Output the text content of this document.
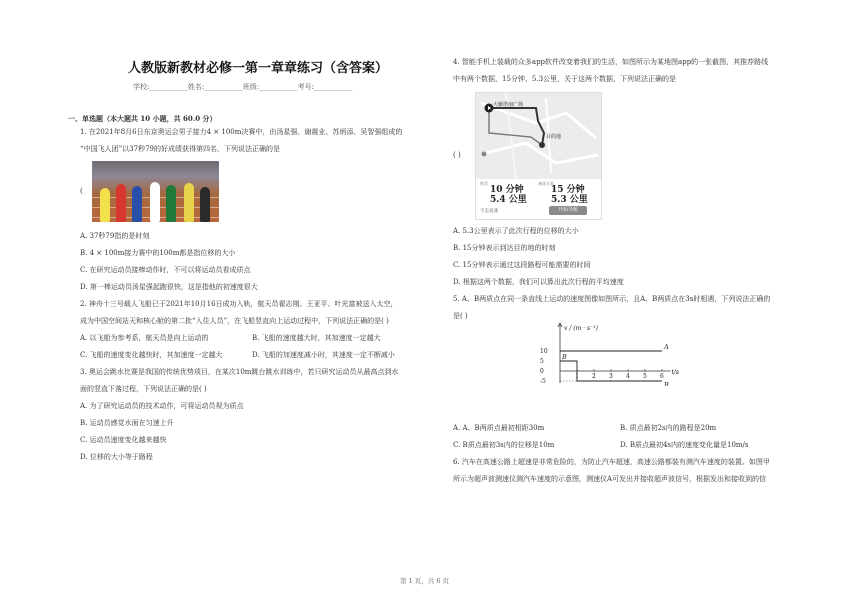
人教版新教材必修一第一章章练习（含答案）
学校:___________姓名:___________班级:___________考号:___________
一、单选题（本大题共 10 小题，共 60.0 分）
1. 在2021年8月6日东京奥运会男子接力4 × 100m决赛中，由汤星强、谢震业、苏炳添、吴智强组成的
“中国飞人团”以37秒79的好成绩获得第四名，下列说法正确的是
(
A. 37秒79指的是时刻
B. 4 × 100m接力赛中的100m都是指位移的大小
C. 在研究运动员接棒动作时，不可以将运动员看成质点
D. 第一棒运动员汤星强起跑很快，这是指他的初速度很大
2. 神舟十三号载人飞船已于2021年10月16日成功入轨，航天员翟志刚、王亚平、叶光富被送入太空，
成为中国空间站天和核心舱的第二批“入住人员”，在飞船竖直向上运动过程中，下列说法正确的是( )
A. 以飞船为参考系，航天员是向上运动的	B. 飞船的速度越大时，其加速度一定越大
C. 飞船的速度变化越快时，其加速度一定越大	D. 飞船的加速度减小时，其速度一定不断减小
3. 奥运会跳水比赛是我国的传统优势项目，在某次10m跳台跳水训练中，若只研究运动员从最高点到水
面的竖直下落过程，下列说法正确的是( )
A. 为了研究运动员的技术动作，可将运动员视为质点
B. 运动员感觉水面在匀速上升
C. 运动员速度变化越来越快
D. 位移的大小等于路程
4. 智能手机上装载的众多app软件改变着我们的生活，如图所示为某地图app的一张截图，其推荐路线
中有两个数据，15分钟、5.3公里，关于这两个数据，下列说法正确的是
( )
大雁塔南广场
目的地
推荐	备选方案
10 分钟
5.4 公里
15 分钟
5.3 公里
不走高速	开始导航
A. 5.3公里表示了此次行程的位移的大小
B. 15分钟表示到达目的地的时刻
C. 15分钟表示通过这段路程可能需要的时间
D. 根据这两个数据，我们可以算出此次行程的平均速度
5. A、B两质点在同一条直线上运动的速度图像如图所示，且A、B两质点在3s时相遇，下列说法正确的
是( )
v / (m · s⁻¹)
t/s
1 2 3 4 5 6
10
5
0
-5
A
B
B
A. A、B两质点最初相距30m	B. 质点最初2s内的路程是20m
C. B质点最初3s内的位移是10m	D. B质点最初4s内的速度变化量是10m/s
6. 汽车在高速公路上超速是非常危险的，为防止汽车超速，高速公路都装有测汽车速度的装置。如图甲
所示为超声波测速仪测汽车速度的示意图，测速仪A可发出并接收超声波信号，根据发出和接收到的信
第 1 页，共 6 页
